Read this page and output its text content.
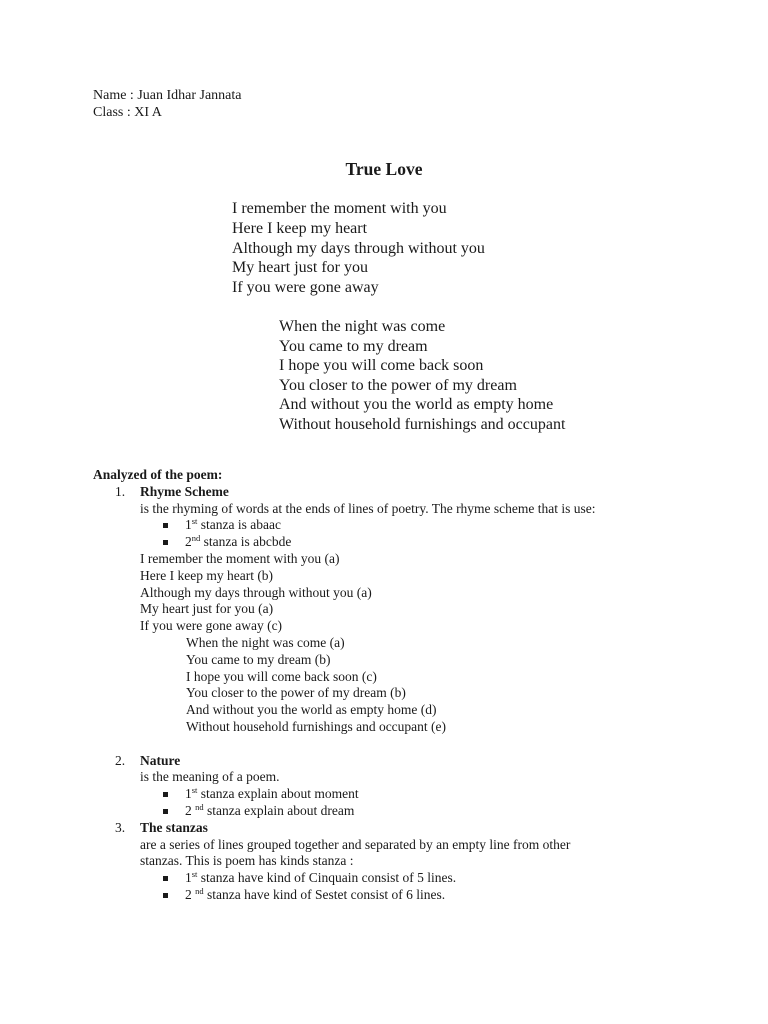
Name : Juan Idhar Jannata
Class : XI A
True Love
I remember the moment with you
Here I keep my heart
Although my days through without you
My heart just for you
If you were gone away
When the night was come
You came to my dream
I hope you will come back soon
You closer to the power of my dream
And without you the world as empty home
Without household furnishings and occupant
Analyzed of the poem:
1. Rhyme Scheme
is the rhyming of words at the ends of lines of poetry. The rhyme scheme that is use:
1st stanza is abaac
2nd stanza is abcbde
I remember the moment with you (a)
Here I keep my heart (b)
Although my days through without you (a)
My heart just for you (a)
If you were gone away (c)
When the night was come (a)
You came to my dream (b)
I hope you will come back soon (c)
You closer to the power of my dream (b)
And without you the world as empty home (d)
Without household furnishings and occupant (e)
2. Nature
is the meaning of a poem.
1st stanza explain about moment
2 $^{nd}$ stanza explain about dream
3. The stanzas
are a series of lines grouped together and separated by an empty line from other
stanzas. This is poem has kinds stanza :
1st stanza have kind of Cinquain consist of 5 lines.
2 $^{nd}$ stanza have kind of Sestet consist of 6 lines.
